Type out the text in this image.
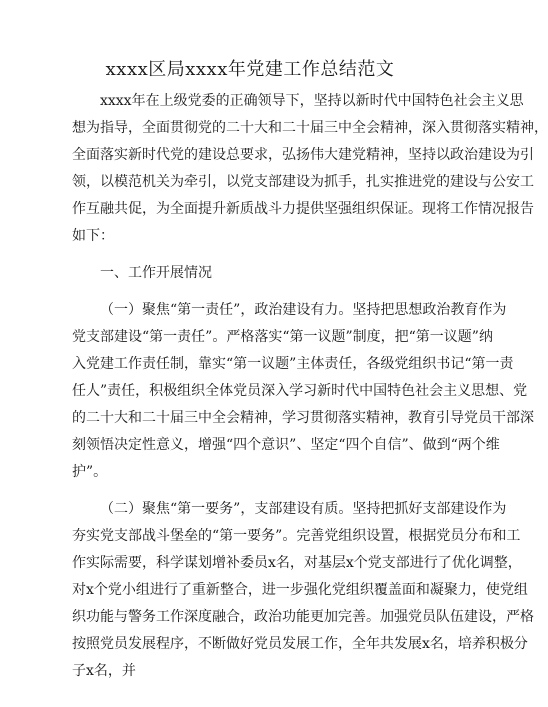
xxxx区局xxxx年党建工作总结范文
xxxx年在上级党委的正确领导下，坚持以新时代中国特色社会主义思
想为指导，全面贯彻党的二十大和二十届三中全会精神，深入贯彻落实精神，
全面落实新时代党的建设总要求，弘扬伟大建党精神，坚持以政治建设为引
领，以模范机关为牵引，以党支部建设为抓手，扎实推进党的建设与公安工
作互融共促，为全面提升新质战斗力提供坚强组织保证。现将工作情况报告
如下：
一、工作开展情况
（一）聚焦“第一责任”，政治建设有力。坚持把思想政治教育作为
党支部建设“第一责任”。严格落实“第一议题”制度，把“第一议题”纳
入党建工作责任制，靠实“第一议题”主体责任，各级党组织书记“第一责
任人”责任，积极组织全体党员深入学习新时代中国特色社会主义思想、党
的二十大和二十届三中全会精神，学习贯彻落实精神，教育引导党员干部深
刻领悟决定性意义，增强“四个意识”、坚定“四个自信”、做到“两个维
护”。
（二）聚焦“第一要务”，支部建设有质。坚持把抓好支部建设作为
夯实党支部战斗堡垒的“第一要务”。完善党组织设置，根据党员分布和工
作实际需要，科学谋划增补委员x名，对基层x个党支部进行了优化调整，
对x个党小组进行了重新整合，进一步强化党组织覆盖面和凝聚力，使党组
织功能与警务工作深度融合，政治功能更加完善。加强党员队伍建设，严格
按照党员发展程序，不断做好党员发展工作，全年共发展x名，培养积极分
子x名，并
